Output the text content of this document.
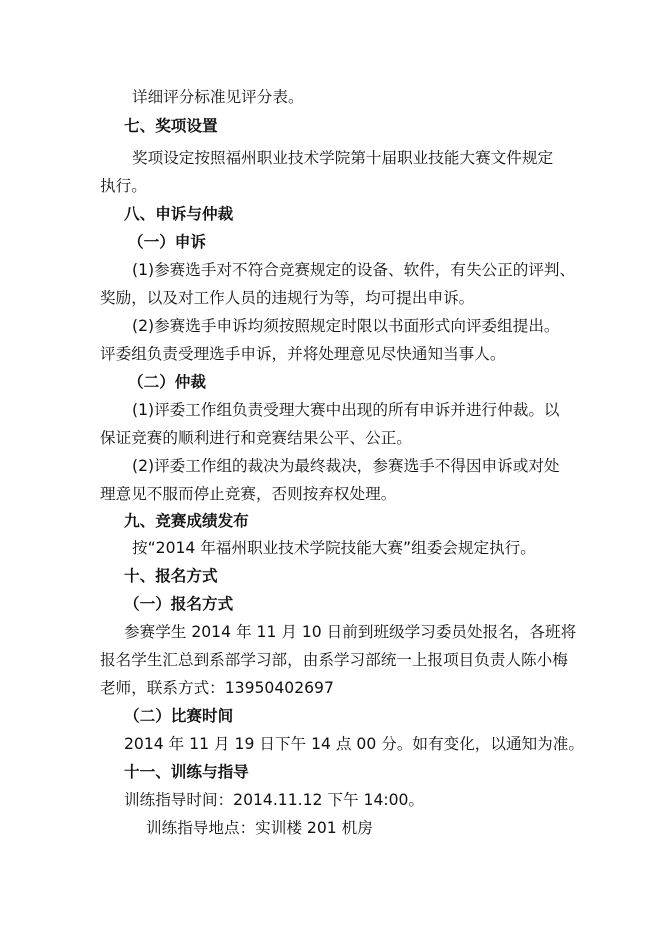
详细评分标准见评分表。
七、奖项设置
奖项设定按照福州职业技术学院第十届职业技能大赛文件规定
执行。
八、申诉与仲裁
（一）申诉
(1)参赛选手对不符合竞赛规定的设备、软件，有失公正的评判、
奖励，以及对工作人员的违规行为等，均可提出申诉。
(2)参赛选手申诉均须按照规定时限以书面形式向评委组提出。
评委组负责受理选手申诉，并将处理意见尽快通知当事人。
（二）仲裁
(1)评委工作组负责受理大赛中出现的所有申诉并进行仲裁。以
保证竞赛的顺利进行和竞赛结果公平、公正。
(2)评委工作组的裁决为最终裁决，参赛选手不得因申诉或对处
理意见不服而停止竞赛，否则按弃权处理。
九、竞赛成绩发布
按“2014 年福州职业技术学院技能大赛”组委会规定执行。
十、报名方式
（一）报名方式
参赛学生 2014 年 11 月 10 日前到班级学习委员处报名，各班将
报名学生汇总到系部学习部，由系学习部统一上报项目负责人陈小梅
老师，联系方式：13950402697
（二）比赛时间
2014 年 11 月 19 日下午 14 点 00 分。如有变化，以通知为准。
十一、训练与指导
训练指导时间：2014.11.12 下午 14:00。
训练指导地点：实训楼 201 机房
